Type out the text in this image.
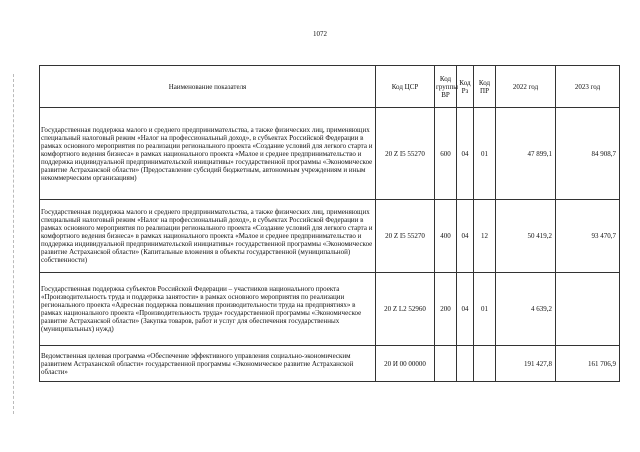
1072
Наименование показателя	Код ЦСР	Код группы ВР	Код Рз	Код ПР	2022 год	2023 год
Государственная поддержка малого и среднего предпринимательства, а также физических лиц, применяющих специальный налоговый режим «Налог на профессиональный доход», в субъектах Российской Федерации в рамках основного мероприятия по реализации регионального проекта «Создание условий для легкого старта и комфортного ведения бизнеса» в рамках национального проекта «Малое и среднее предпринимательство и поддержка индивидуальной предпринимательской инициативы» государственной программы «Экономическое развитие Астраханской области» (Предоставление субсидий бюджетным, автономным учреждениям и иным некоммерческим организациям)	20 Z I5 55270	600	04	01	47 899,1	84 908,7
Государственная поддержка малого и среднего предпринимательства, а также физических лиц, применяющих специальный налоговый режим «Налог на профессиональный доход», в субъектах Российской Федерации в рамках основного мероприятия по реализации регионального проекта «Создание условий для легкого старта и комфортного ведения бизнеса» в рамках национального проекта «Малое и среднее предпринимательство и поддержка индивидуальной предпринимательской инициативы» государственной программы «Экономическое развитие Астраханской области» (Капитальные вложения в объекты государственной (муниципальной) собственности)	20 Z I5 55270	400	04	12	50 419,2	93 470,7
Государственная поддержка субъектов Российской Федерации – участников национального проекта «Производительность труда и поддержка занятости» в рамках основного мероприятия по реализации регионального проекта «Адресная поддержка повышения производительности труда на предприятиях» в рамках национального проекта «Производительность труда» государственной программы «Экономическое развитие Астраханской области» (Закупка товаров, работ и услуг для обеспечения государственных (муниципальных) нужд)	20 Z L2 52960	200	04	01	4 639,2	
Ведомственная целевая программа «Обеспечение эффективного управления социально-экономическим развитием Астраханской области» государственной программы «Экономическое развитие Астраханской области»	20 И 00 00000				191 427,8	161 706,9
